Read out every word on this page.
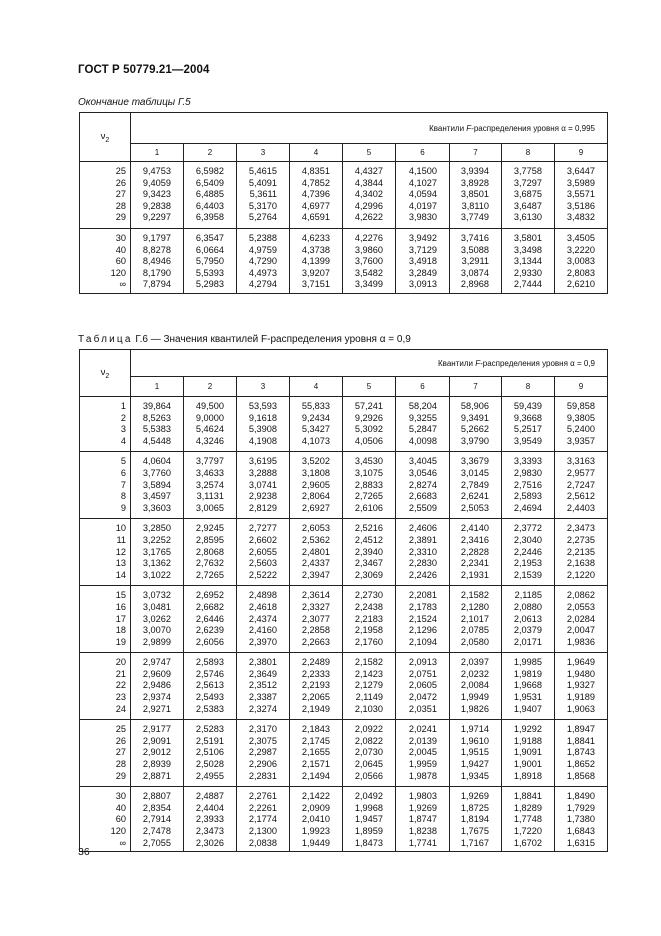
ГОСТ Р 50779.21—2004
Окончание таблицы Г.5
$\nu_2$	Квантили F-распределения уровня α = 0,995								
	1	2	3	4	5	6	7	8	9
25	9,4753	6,5982	5,4615	4,8351	4,4327	4,1500	3,9394	3,7758	3,6447
26	9,4059	6,5409	5,4091	4,7852	4,3844	4,1027	3,8928	3,7297	3,5989
27	9,3423	6,4885	5,3611	4,7396	4,3402	4,0594	3,8501	3,6875	3,5571
28	9,2838	6,4403	5,3170	4,6977	4,2996	4,0197	3,8110	3,6487	3,5186
29	9,2297	6,3958	5,2764	4,6591	4,2622	3,9830	3,7749	3,6130	3,4832
30	9,1797	6,3547	5,2388	4,6233	4,2276	3,9492	3,7416	3,5801	3,4505
40	8,8278	6,0664	4,9759	4,3738	3,9860	3,7129	3,5088	3,3498	3,2220
60	8,4946	5,7950	4,7290	4,1399	3,7600	3,4918	3,2911	3,1344	3,0083
120	8,1790	5,5393	4,4973	3,9207	3,5482	3,2849	3,0874	2,9330	2,8083
∞	7,8794	5,2983	4,2794	3,7151	3,3499	3,0913	2,8968	2,7444	2,6210
Таблица Г.6 — Значения квантилей F-распределения уровня α = 0,9
$\nu_2$	Квантили F-распределения уровня α = 0,9								
	1	2	3	4	5	6	7	8	9
1	39,864	49,500	53,593	55,833	57,241	58,204	58,906	59,439	59,858
2	8,5263	9,0000	9,1618	9,2434	9,2926	9,3255	9,3491	9,3668	9,3805
3	5,5383	5,4624	5,3908	5,3427	5,3092	5,2847	5,2662	5,2517	5,2400
4	4,5448	4,3246	4,1908	4,1073	4,0506	4,0098	3,9790	3,9549	3,9357
5	4,0604	3,7797	3,6195	3,5202	3,4530	3,4045	3,3679	3,3393	3,3163
6	3,7760	3,4633	3,2888	3,1808	3,1075	3,0546	3,0145	2,9830	2,9577
7	3,5894	3,2574	3,0741	2,9605	2,8833	2,8274	2,7849	2,7516	2,7247
8	3,4597	3,1131	2,9238	2,8064	2,7265	2,6683	2,6241	2,5893	2,5612
9	3,3603	3,0065	2,8129	2,6927	2,6106	2,5509	2,5053	2,4694	2,4403
10	3,2850	2,9245	2,7277	2,6053	2,5216	2,4606	2,4140	2,3772	2,3473
11	3,2252	2,8595	2,6602	2,5362	2,4512	2,3891	2,3416	2,3040	2,2735
12	3,1765	2,8068	2,6055	2,4801	2,3940	2,3310	2,2828	2,2446	2,2135
13	3,1362	2,7632	2,5603	2,4337	2,3467	2,2830	2,2341	2,1953	2,1638
14	3,1022	2,7265	2,5222	2,3947	2,3069	2,2426	2,1931	2,1539	2,1220
15	3,0732	2,6952	2,4898	2,3614	2,2730	2,2081	2,1582	2,1185	2,0862
16	3,0481	2,6682	2,4618	2,3327	2,2438	2,1783	2,1280	2,0880	2,0553
17	3,0262	2,6446	2,4374	2,3077	2,2183	2,1524	2,1017	2,0613	2,0284
18	3,0070	2,6239	2,4160	2,2858	2,1958	2,1296	2,0785	2,0379	2,0047
19	2,9899	2,6056	2,3970	2,2663	2,1760	2,1094	2,0580	2,0171	1,9836
20	2,9747	2,5893	2,3801	2,2489	2,1582	2,0913	2,0397	1,9985	1,9649
21	2,9609	2,5746	2,3649	2,2333	2,1423	2,0751	2,0232	1,9819	1,9480
22	2,9486	2,5613	2,3512	2,2193	2,1279	2,0605	2,0084	1,9668	1,9327
23	2,9374	2,5493	2,3387	2,2065	2,1149	2,0472	1,9949	1,9531	1,9189
24	2,9271	2,5383	2,3274	2,1949	2,1030	2,0351	1,9826	1,9407	1,9063
25	2,9177	2,5283	2,3170	2,1843	2,0922	2,0241	1,9714	1,9292	1,8947
26	2,9091	2,5191	2,3075	2,1745	2,0822	2,0139	1,9610	1,9188	1,8841
27	2,9012	2,5106	2,2987	2,1655	2,0730	2,0045	1,9515	1,9091	1,8743
28	2,8939	2,5028	2,2906	2,1571	2,0645	1,9959	1,9427	1,9001	1,8652
29	2,8871	2,4955	2,2831	2,1494	2,0566	1,9878	1,9345	1,8918	1,8568
30	2,8807	2,4887	2,2761	2,1422	2,0492	1,9803	1,9269	1,8841	1,8490
40	2,8354	2,4404	2,2261	2,0909	1,9968	1,9269	1,8725	1,8289	1,7929
60	2,7914	2,3933	2,1774	2,0410	1,9457	1,8747	1,8194	1,7748	1,7380
120	2,7478	2,3473	2,1300	1,9923	1,8959	1,8238	1,7675	1,7220	1,6843
∞	2,7055	2,3026	2,0838	1,9449	1,8473	1,7741	1,7167	1,6702	1,6315
36
